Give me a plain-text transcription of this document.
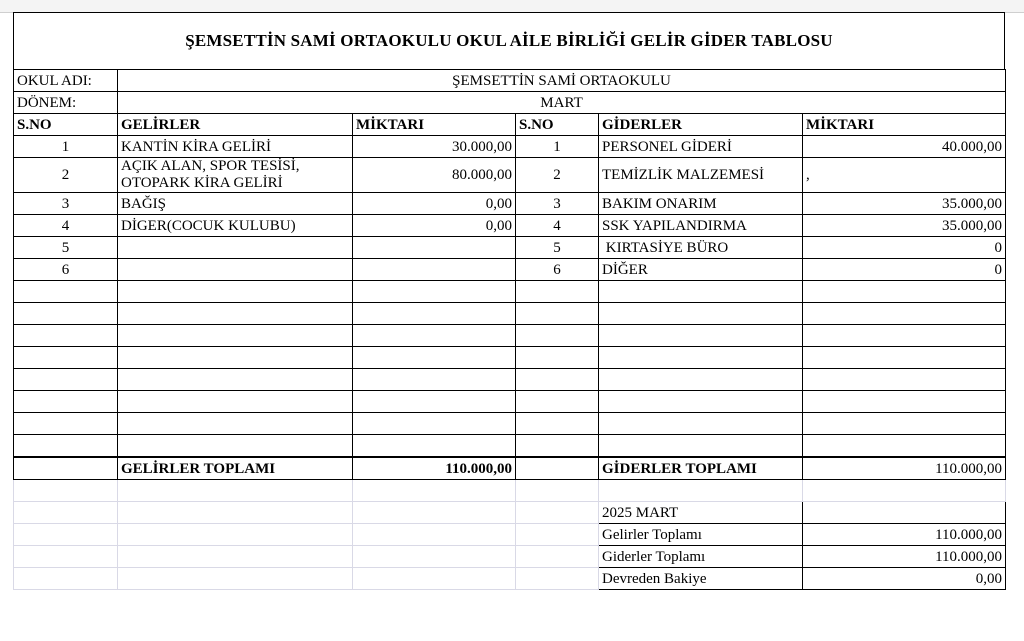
ŞEMSETTİN SAMİ ORTAOKULU OKUL AİLE BİRLİĞİ GELİR GİDER TABLOSU
OKUL ADI:	ŞEMSETTİN SAMİ ORTAOKULU				
DÖNEM:	MART				
S.NO	GELİRLER	MİKTARI	S.NO	GİDERLER	MİKTARI
1	KANTİN KİRA GELİRİ	30.000,00	1	PERSONEL GİDERİ	40.000,00
2	AÇIK ALAN, SPOR TESİSİ, OTOPARK KİRA GELİRİ	80.000,00	2	TEMİZLİK MALZEMESİ	,
3	BAĞIŞ	0,00	3	BAKIM ONARIM	35.000,00
4	DİGER(COCUK KULUBU)	0,00	4	SSK YAPILANDIRMA	35.000,00
5			5	KIRTASİYE BÜRO	0
6			6	DİĞER	0

	GELİRLER TOPLAMI	110.000,00		GİDERLER TOPLAMI	110.000,00

				2025 MART	
				Gelirler Toplamı	110.000,00
				Giderler Toplamı	110.000,00
				Devreden Bakiye	0,00
